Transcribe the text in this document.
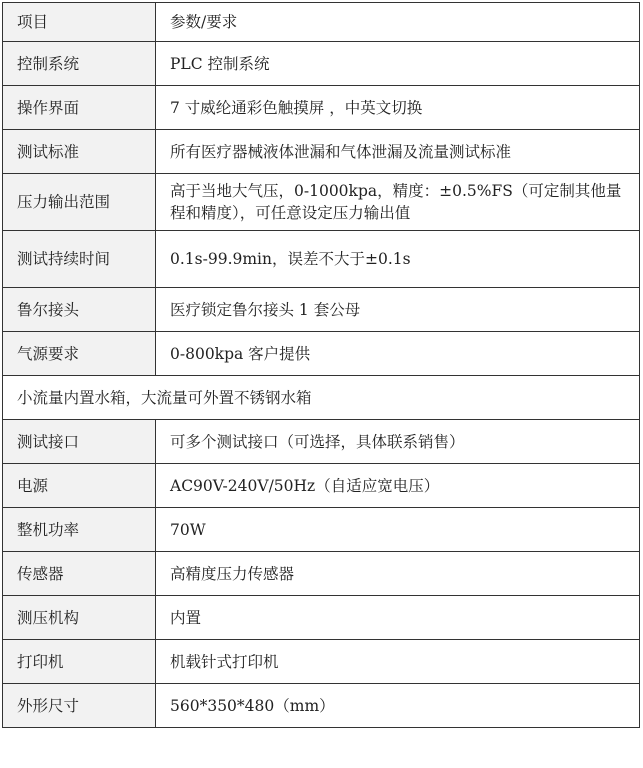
项目	参数/要求
控制系统	PLC 控制系统
操作界面	7 寸威纶通彩色触摸屏 ，中英文切换
测试标准	所有医疗器械液体泄漏和气体泄漏及流量测试标准
压力输出范围	高于当地大气压，0-1000kpa，精度：±0.5%FS（可定制其他量程和精度），可任意设定压力输出值
测试持续时间	0.1s-99.9min，误差不大于±0.1s
鲁尔接头	医疗锁定鲁尔接头 1 套公母
气源要求	0-800kpa 客户提供
小流量内置水箱，大流量可外置不锈钢水箱	
测试接口	可多个测试接口（可选择，具体联系销售）
电源	AC90V-240V/50Hz（自适应宽电压）
整机功率	70W
传感器	高精度压力传感器
测压机构	内置
打印机	机载针式打印机
外形尺寸	560*350*480（mm）
